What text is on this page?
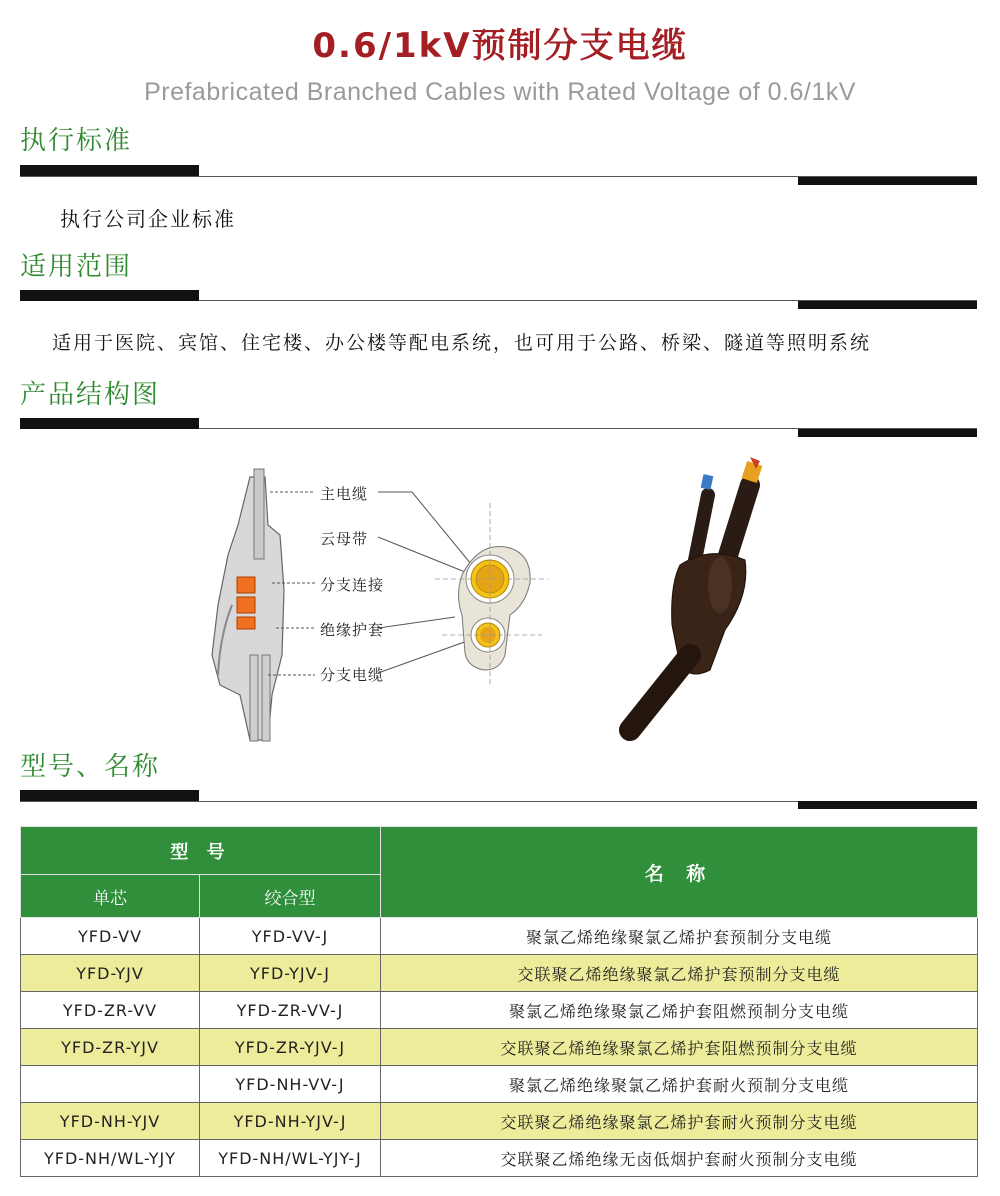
0.6/1kV预制分支电缆
Prefabricated Branched Cables with Rated Voltage of 0.6/1kV
执行标准
执行公司企业标准
适用范围
适用于医院、宾馆、住宅楼、办公楼等配电系统，也可用于公路、桥梁、隧道等照明系统
产品结构图
主电缆
云母带
分支连接
绝缘护套
分支电缆
型号、名称
型 号		名 称
单芯	绞合型	
YFD-VV	YFD-VV-J	聚氯乙烯绝缘聚氯乙烯护套预制分支电缆
YFD-YJV	YFD-YJV-J	交联聚乙烯绝缘聚氯乙烯护套预制分支电缆
YFD-ZR-VV	YFD-ZR-VV-J	聚氯乙烯绝缘聚氯乙烯护套阻燃预制分支电缆
YFD-ZR-YJV	YFD-ZR-YJV-J	交联聚乙烯绝缘聚氯乙烯护套阻燃预制分支电缆
	YFD-NH-VV-J	聚氯乙烯绝缘聚氯乙烯护套耐火预制分支电缆
YFD-NH-YJV	YFD-NH-YJV-J	交联聚乙烯绝缘聚氯乙烯护套耐火预制分支电缆
YFD-NH/WL-YJY	YFD-NH/WL-YJY-J	交联聚乙烯绝缘无卤低烟护套耐火预制分支电缆
